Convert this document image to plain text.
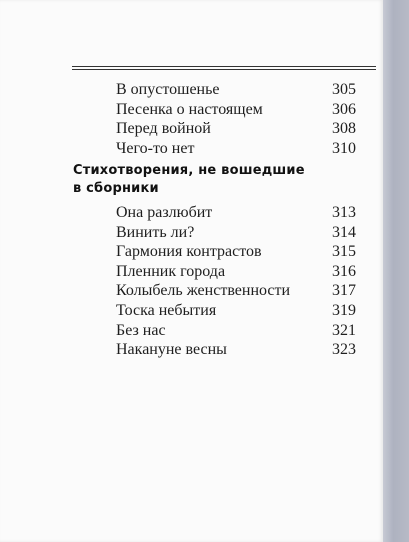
В опустошенье	305
Песенка о настоящем	306
Перед войной	308
Чего-то нет	310
Стихотворения, не вошедшие
в сборники
Она разлюбит	313
Винить ли?	314
Гармония контрастов	315
Пленник города	316
Колыбель женственности	317
Тоска небытия	319
Без нас	321
Накануне весны	323
